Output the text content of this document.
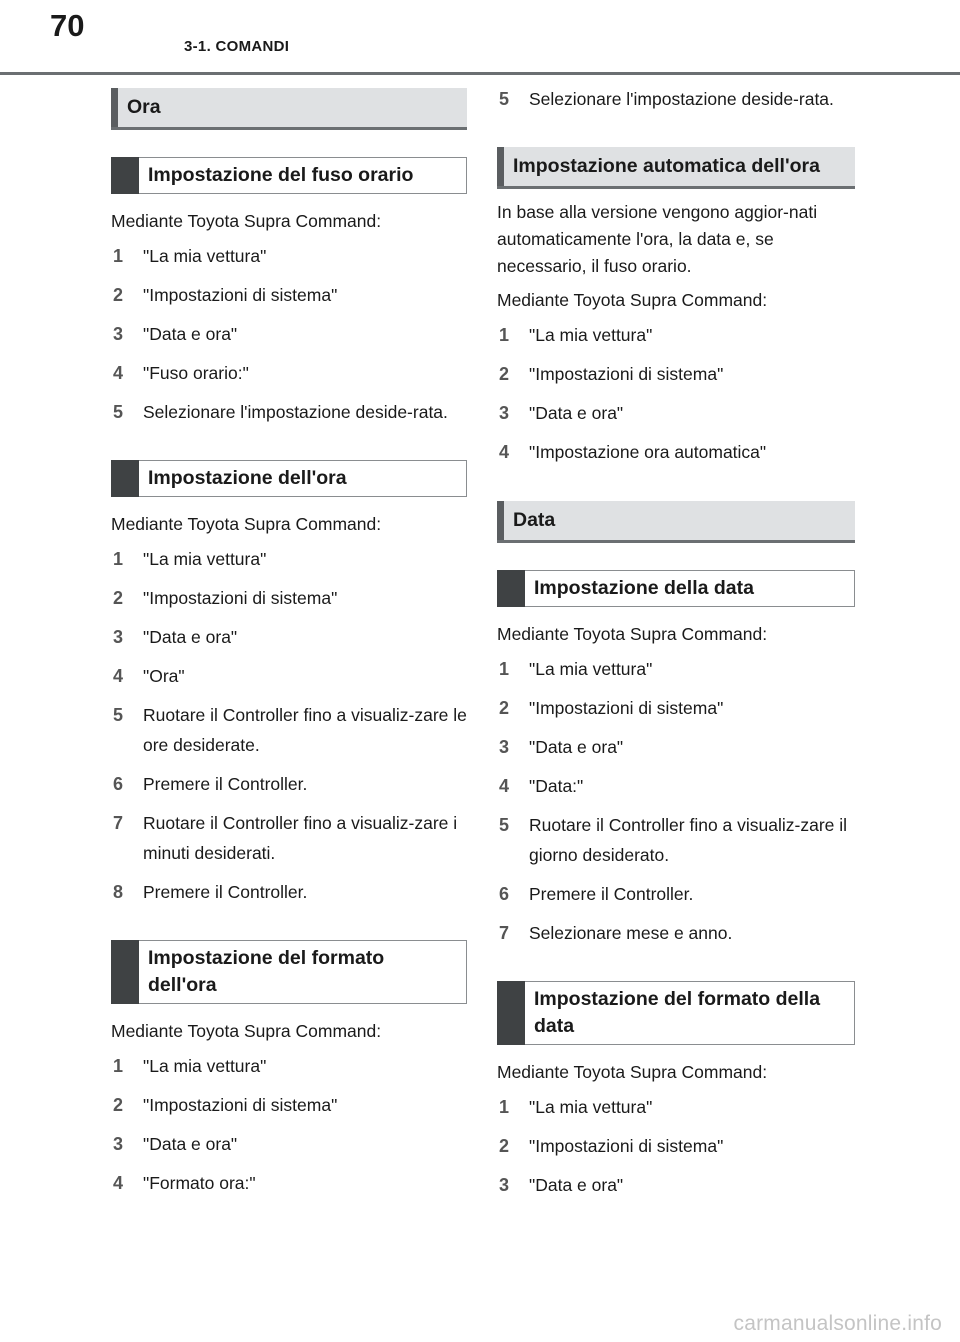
70
3-1. COMANDI
Ora
Impostazione del fuso orario

Mediante Toyota Supra Command:

1 "La mia vettura"
2 "Impostazioni di sistema"
3 "Data e ora"
4 "Fuso orario:"
5 Selezionare l'impostazione deside-rata.
Impostazione dell'ora

Mediante Toyota Supra Command:

1 "La mia vettura"
2 "Impostazioni di sistema"
3 "Data e ora"
4 "Ora"
5 Ruotare il Controller fino a visualiz-zare le ore desiderate.
6 Premere il Controller.
7 Ruotare il Controller fino a visualiz-zare i minuti desiderati.
8 Premere il Controller.
Impostazione del formato dell'ora

Mediante Toyota Supra Command:

1 "La mia vettura"
2 "Impostazioni di sistema"
3 "Data e ora"
4 "Formato ora:"
5 Selezionare l'impostazione deside-rata.
Impostazione automatica dell'ora

In base alla versione vengono aggior-nati automaticamente l'ora, la data e, se necessario, il fuso orario.

Mediante Toyota Supra Command:

1 "La mia vettura"
2 "Impostazioni di sistema"
3 "Data e ora"
4 "Impostazione ora automatica"
Data
Impostazione della data

Mediante Toyota Supra Command:

1 "La mia vettura"
2 "Impostazioni di sistema"
3 "Data e ora"
4 "Data:"
5 Ruotare il Controller fino a visualiz-zare il giorno desiderato.
6 Premere il Controller.
7 Selezionare mese e anno.
Impostazione del formato della data

Mediante Toyota Supra Command:

1 "La mia vettura"
2 "Impostazioni di sistema"
3 "Data e ora"
carmanualsonline.info
